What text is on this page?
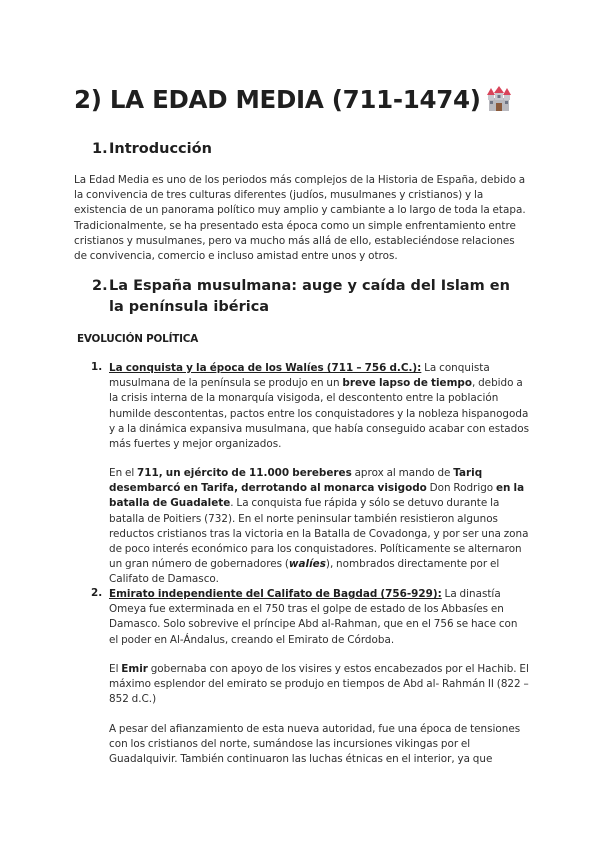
2) LA EDAD MEDIA (711-1474)
1. Introducción
La Edad Media es uno de los periodos más complejos de la Historia de España, debido a la convivencia de tres culturas diferentes (judíos, musulmanes y cristianos) y la existencia de un panorama político muy amplio y cambiante a lo largo de toda la etapa. Tradicionalmente, se ha presentado esta época como un simple enfrentamiento entre cristianos y musulmanes, pero va mucho más allá de ello, estableciéndose relaciones de convivencia, comercio e incluso amistad entre unos y otros.
2. La España musulmana: auge y caída del Islam en la península ibérica
EVOLUCIÓN POLÍTICA
1. La conquista y la época de los Walíes (711 – 756 d.C.): La conquista musulmana de la península se produjo en un breve lapso de tiempo, debido a la crisis interna de la monarquía visigoda, el descontento entre la población humilde descontentas, pactos entre los conquistadores y la nobleza hispanogoda y a la dinámica expansiva musulmana, que había conseguido acabar con estados más fuertes y mejor organizados.
En el 711, un ejército de 11.000 bereberes aprox al mando de Tariq desembarcó en Tarifa, derrotando al monarca visigodo Don Rodrigo en la batalla de Guadalete. La conquista fue rápida y sólo se detuvo durante la batalla de Poitiers (732). En el norte peninsular también resistieron algunos reductos cristianos tras la victoria en la Batalla de Covadonga, y por ser una zona de poco interés económico para los conquistadores. Políticamente se alternaron un gran número de gobernadores (walíes), nombrados directamente por el Califato de Damasco.
2. Emirato independiente del Califato de Bagdad (756-929): La dinastía Omeya fue exterminada en el 750 tras el golpe de estado de los Abbasíes en Damasco. Solo sobrevive el príncipe Abd al-Rahman, que en el 756 se hace con el poder en Al-Ándalus, creando el Emirato de Córdoba.
El Emir gobernaba con apoyo de los visires y estos encabezados por el Hachib. El máximo esplendor del emirato se produjo en tiempos de Abd al- Rahmán II (822 – 852 d.C.)
A pesar del afianzamiento de esta nueva autoridad, fue una época de tensiones con los cristianos del norte, sumándose las incursiones vikingas por el Guadalquivir. También continuaron las luchas étnicas en el interior, ya que
